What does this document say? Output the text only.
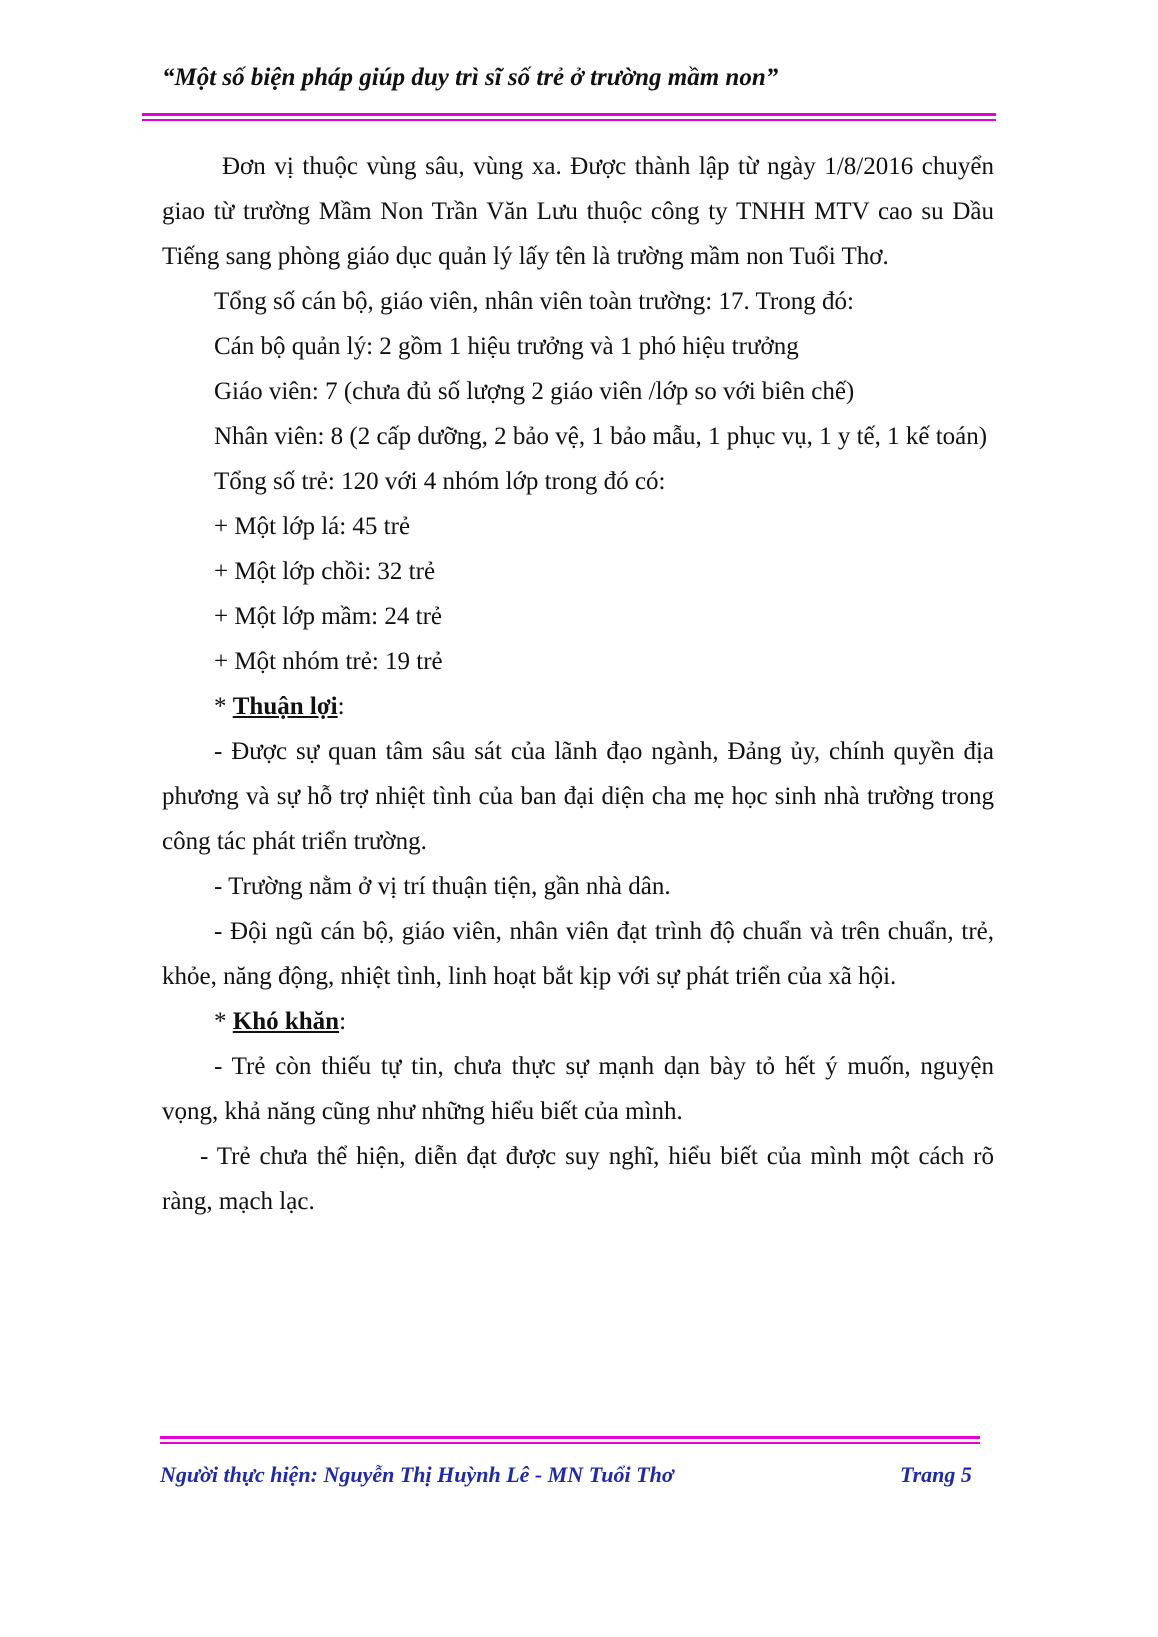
“Một số biện pháp giúp duy trì sĩ số trẻ ở trường mầm non”

Đơn vị thuộc vùng sâu, vùng xa. Được thành lập từ ngày 1/8/2016 chuyển giao từ trường Mầm Non Trần Văn Lưu thuộc công ty TNHH MTV cao su Dầu Tiếng sang phòng giáo dục quản lý lấy tên là trường mầm non Tuổi Thơ.

Tổng số cán bộ, giáo viên, nhân viên toàn trường: 17. Trong đó:

Cán bộ quản lý: 2 gồm 1 hiệu trưởng và 1 phó hiệu trưởng

Giáo viên: 7 (chưa đủ số lượng 2 giáo viên /lớp so với biên chế)

Nhân viên: 8 (2 cấp dưỡng, 2 bảo vệ, 1 bảo mẫu, 1 phục vụ, 1 y tế, 1 kế toán)

Tổng số trẻ: 120 với 4 nhóm lớp trong đó có:

+ Một lớp lá: 45 trẻ

+ Một lớp chồi: 32 trẻ

+ Một lớp mầm: 24 trẻ

+ Một nhóm trẻ: 19 trẻ

* Thuận lợi:

- Được sự quan tâm sâu sát của lãnh đạo ngành, Đảng ủy, chính quyền địa phương và sự hỗ trợ nhiệt tình của ban đại diện cha mẹ học sinh nhà trường trong công tác phát triển trường.

- Trường nằm ở vị trí thuận tiện, gần nhà dân.

- Đội ngũ cán bộ, giáo viên, nhân viên đạt trình độ chuẩn và trên chuẩn, trẻ, khỏe, năng động, nhiệt tình, linh hoạt bắt kịp với sự phát triển của xã hội.

* Khó khăn:

- Trẻ còn thiếu tự tin, chưa thực sự mạnh dạn bày tỏ hết ý muốn, nguyện vọng, khả năng cũng như những hiểu biết của mình.

- Trẻ chưa thể hiện, diễn đạt được suy nghĩ, hiểu biết của mình một cách rõ ràng, mạch lạc.

Người thực hiện: Nguyễn Thị Huỳnh Lê - MN Tuổi Thơ	Trang 5
